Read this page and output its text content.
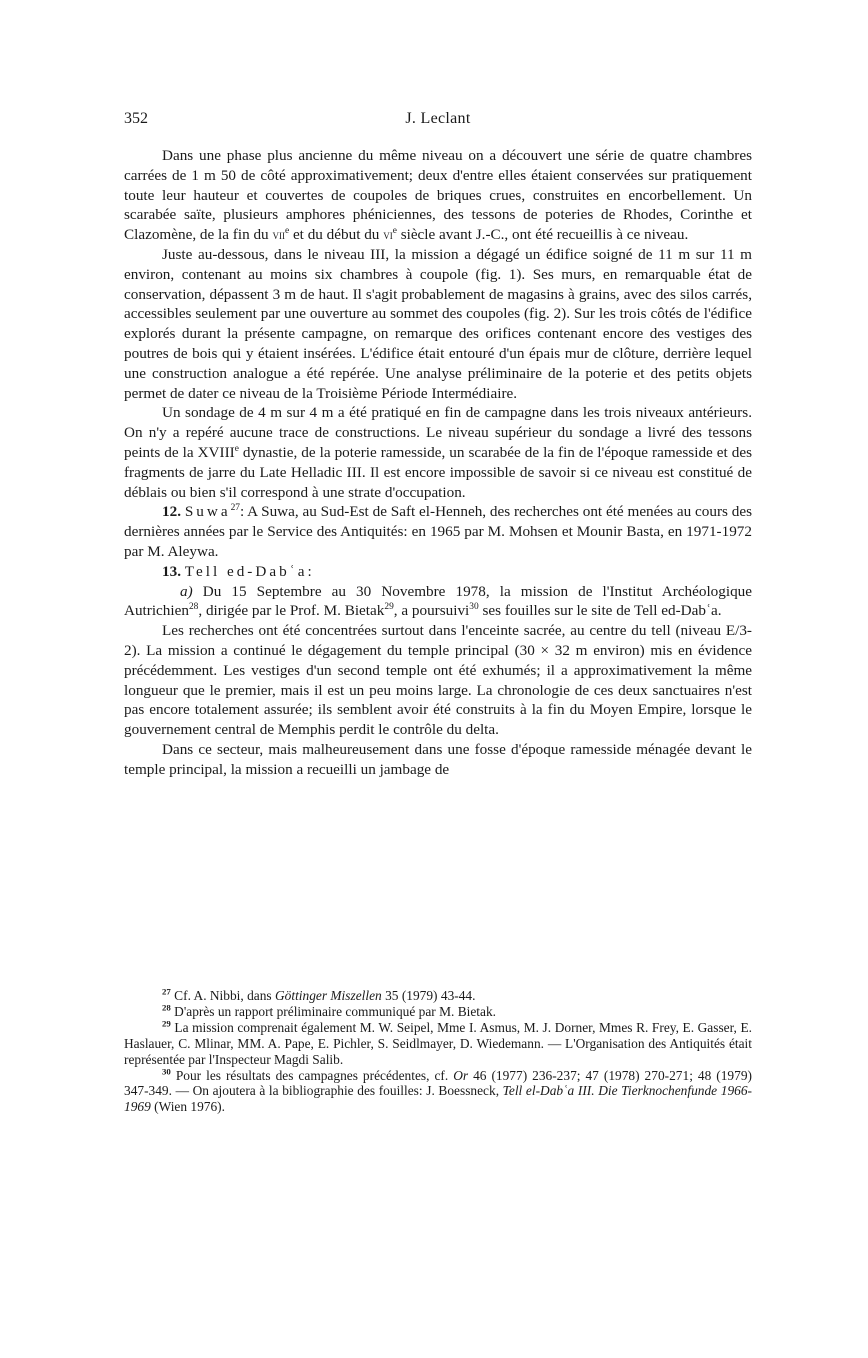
352	J. Leclant

Dans une phase plus ancienne du même niveau on a découvert une série de quatre chambres carrées de 1 m 50 de côté approximativement; deux d'entre elles étaient conservées sur pratiquement toute leur hauteur et couvertes de coupoles de briques crues, construites en encorbellement. Un scarabée saïte, plusieurs amphores phéniciennes, des tessons de poteries de Rhodes, Corinthe et Clazomène, de la fin du vii$^e$ et du début du vi$^e$ siècle avant J.-C., ont été recueillis à ce niveau.

Juste au-dessous, dans le niveau III, la mission a dégagé un édifice soigné de 11 m sur 11 m environ, contenant au moins six chambres à coupole (fig. 1). Ses murs, en remarquable état de conservation, dépassent 3 m de haut. Il s'agit probablement de magasins à grains, avec des silos carrés, accessibles seulement par une ouverture au sommet des coupoles (fig. 2). Sur les trois côtés de l'édifice explorés durant la présente campagne, on remarque des orifices contenant encore des vestiges des poutres de bois qui y étaient insérées. L'édifice était entouré d'un épais mur de clôture, derrière lequel une construction analogue a été repérée. Une analyse préliminaire de la poterie et des petits objets permet de dater ce niveau de la Troisième Période Intermédiaire.

Un sondage de 4 m sur 4 m a été pratiqué en fin de campagne dans les trois niveaux antérieurs. On n'y a repéré aucune trace de constructions. Le niveau supérieur du sondage a livré des tessons peints de la XVIIIe dynastie, de la poterie ramesside, un scarabée de la fin de l'époque ramesside et des fragments de jarre du Late Helladic III. Il est encore impossible de savoir si ce niveau est constitué de déblais ou bien s'il correspond à une strate d'occupation.

12. Suwa$^{27}$: A Suwa, au Sud-Est de Saft el-Henneh, des recherches ont été menées au cours des dernières années par le Service des Antiquités: en 1965 par M. Mohsen et Mounir Basta, en 1971-1972 par M. Aleywa.

13. Tell ed-Dabʿa:

a) Du 15 Septembre au 30 Novembre 1978, la mission de l'Institut Archéologique Autrichien$^{28}$, dirigée par le Prof. M. Bietak$^{29}$, a poursuivi$^{30}$ ses fouilles sur le site de Tell ed-Dabʿa.

Les recherches ont été concentrées surtout dans l'enceinte sacrée, au centre du tell (niveau E/3-2). La mission a continué le dégagement du temple principal (30 × 32 m environ) mis en évidence précédemment. Les vestiges d'un second temple ont été exhumés; il a approximativement la même longueur que le premier, mais il est un peu moins large. La chronologie de ces deux sanctuaires n'est pas encore totalement assurée; ils semblent avoir été construits à la fin du Moyen Empire, lorsque le gouvernement central de Memphis perdit le contrôle du delta.

Dans ce secteur, mais malheureusement dans une fosse d'époque ramesside ménagée devant le temple principal, la mission a recueilli un jambage de

$^{27}$ Cf. A. Nibbi, dans Göttinger Miszellen 35 (1979) 43-44.

$^{28}$ D'après un rapport préliminaire communiqué par M. Bietak.

$^{29}$ La mission comprenait également M. W. Seipel, Mme I. Asmus, M. J. Dorner, Mmes R. Frey, E. Gasser, E. Haslauer, C. Mlinar, MM. A. Pape, E. Pichler, S. Seidlmayer, D. Wiedemann. — L'Organisation des Antiquités était représentée par l'Inspecteur Magdi Salib.

$^{30}$ Pour les résultats des campagnes précédentes, cf. Or 46 (1977) 236-237; 47 (1978) 270-271; 48 (1979) 347-349. — On ajoutera à la bibliographie des fouilles: J. Boessneck, Tell el-Dabʿa III. Die Tierknochenfunde 1966-1969 (Wien 1976).
